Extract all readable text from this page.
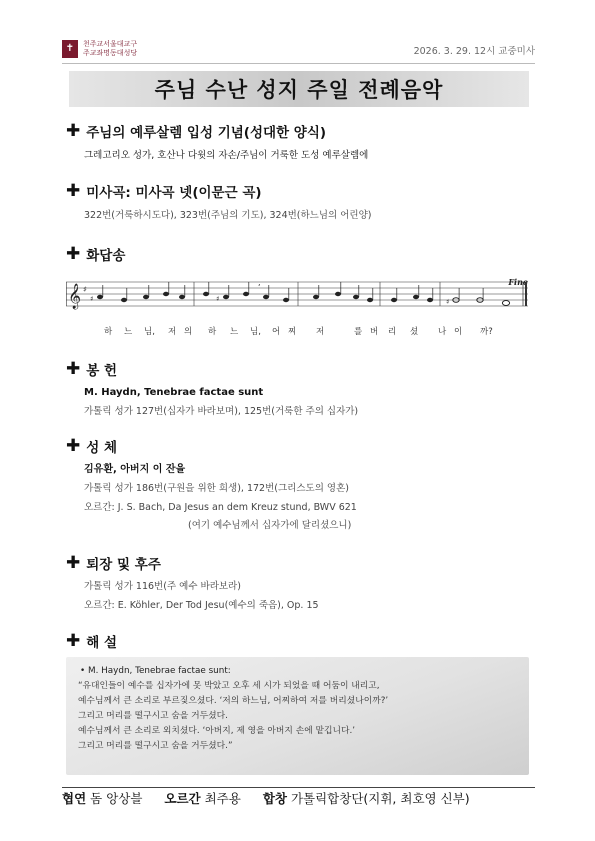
✝ 천주교서울대교구
주교좌명동대성당	2026. 3. 29. 12시 교중미사
주님 수난 성지 주일 전례음악
✚ 주님의 예루살렘 입성 기념(성대한 양식)
그레고리오 성가, 호산나 다윗의 자손/주님이 거룩한 도성 예루살렘에
✚ 미사곡: 미사곡 넷(이문근 곡)
322번(거룩하시도다), 323번(주님의 기도), 324번(하느님의 어린양)
✚ 화답송
Fine
𝄞 ♯
♯	♯	♯
,
하 느 님, 저 의 하 느 님, 어 찌 저	를 버 리 셨 나 이 까?
✚ 봉 헌
M. Haydn, Tenebrae factae sunt
가톨릭 성가 127번(십자가 바라보며), 125번(거룩한 주의 십자가)
✚ 성 체
김유환, 아버지 이 잔을
가톨릭 성가 186번(구원을 위한 희생), 172번(그리스도의 영혼)
오르간: J. S. Bach, Da Jesus an dem Kreuz stund, BWV 621
(여기 예수님께서 십자가에 달리셨으니)
✚ 퇴장 및 후주
가톨릭 성가 116번(주 예수 바라보라)
오르간: E. Köhler, Der Tod Jesu(예수의 죽음), Op. 15
✚ 해 설
• M. Haydn, Tenebrae factae sunt:
“유대인들이 예수를 십자가에 못 박았고 오후 세 시가 되었을 때 어둠이 내리고,
예수님께서 큰 소리로 부르짖으셨다. ‘저의 하느님, 어찌하여 저를 버리셨나이까?’
그리고 머리를 떨구시고 숨을 거두셨다.
예수님께서 큰 소리로 외치셨다. ‘아버지, 제 영을 아버지 손에 맡깁니다.’
그리고 머리를 떨구시고 숨을 거두셨다.”
협연 돔 앙상블 오르간 최주용 합창 가톨릭합창단(지휘, 최호영 신부)
